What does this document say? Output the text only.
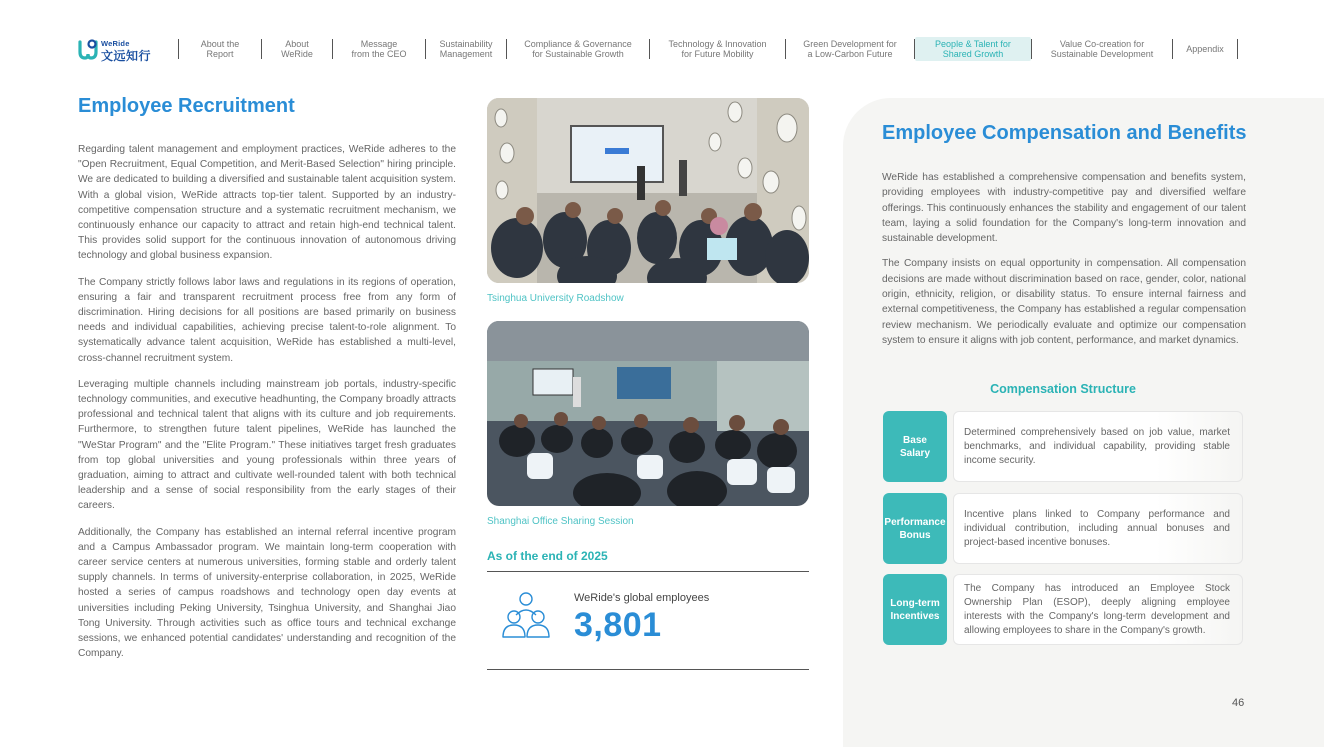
WeRide
文远知行
About the
Report
About
WeRide
Message
from the CEO
Sustainability
Management
Compliance & Governance
for Sustainable Growth
Technology & Innovation
for Future Mobility
Green Development for
a Low-Carbon Future
People & Talent for
Shared Growth
Value Co-creation for
Sustainable Development	Appendix
Employee Recruitment

Regarding talent management and employment practices, WeRide adheres to the "Open Recruitment, Equal Competition, and Merit-Based Selection" hiring principle. We are dedicated to building a diversified and sustainable talent acquisition system. With a global vision, WeRide attracts top-tier talent. Supported by an industry-competitive compensation structure and a systematic recruitment mechanism, we continuously enhance our capacity to attract and retain high-end technical talent. This provides solid support for the continuous innovation of autonomous driving technology and global business expansion.

The Company strictly follows labor laws and regulations in its regions of operation, ensuring a fair and transparent recruitment process free from any form of discrimination. Hiring decisions for all positions are based primarily on business needs and individual capabilities, achieving precise talent-to-role alignment. To systematically advance talent acquisition, WeRide has established a multi-level, cross-channel recruitment system.

Leveraging multiple channels including mainstream job portals, industry-specific technology communities, and executive headhunting, the Company broadly attracts professional and technical talent that aligns with its culture and job requirements. Furthermore, to strengthen future talent pipelines, WeRide has launched the "WeStar Program" and the "Elite Program." These initiatives target fresh graduates from top global universities and young professionals within three years of graduation, aiming to attract and cultivate well-rounded talent with both technical leadership and a sense of social responsibility from the early stages of their careers.

Additionally, the Company has established an internal referral incentive program and a Campus Ambassador program. We maintain long-term cooperation with career service centers at numerous universities, forming stable and orderly talent supply channels. In terms of university-enterprise collaboration, in 2025, WeRide hosted a series of campus roadshows and technology open day events at universities including Peking University, Tsinghua University, and Shanghai Jiao Tong University. Through activities such as office tours and technical exchange sessions, we enhanced potential candidates' understanding and recognition of the Company.

Tsinghua University Roadshow
Shanghai Office Sharing Session
As of the end of 2025
WeRide's global employees
3,801
Employee Compensation and Benefits

WeRide has established a comprehensive compensation and benefits system, providing employees with industry-competitive pay and diversified welfare offerings. This continuously enhances the stability and engagement of our talent team, laying a solid foundation for the Company's long-term innovation and sustainable development.

The Company insists on equal opportunity in compensation. All compensation decisions are made without discrimination based on race, gender, color, national origin, ethnicity, religion, or disability status. To ensure internal fairness and external competitiveness, the Company has established a regular compensation review mechanism. We periodically evaluate and optimize our compensation system to ensure it aligns with job content, performance, and market dynamics.

Compensation Structure
Base
Salary
Determined comprehensively based on job value, market benchmarks, and individual capability, providing stable income security.
Performance
Bonus
Incentive plans linked to Company performance and individual contribution, including annual bonuses and project-based incentive bonuses.
Long-term
Incentives
The Company has introduced an Employee Stock Ownership Plan (ESOP), deeply aligning employee interests with the Company's long-term development and allowing employees to share in the Company's growth.
46
